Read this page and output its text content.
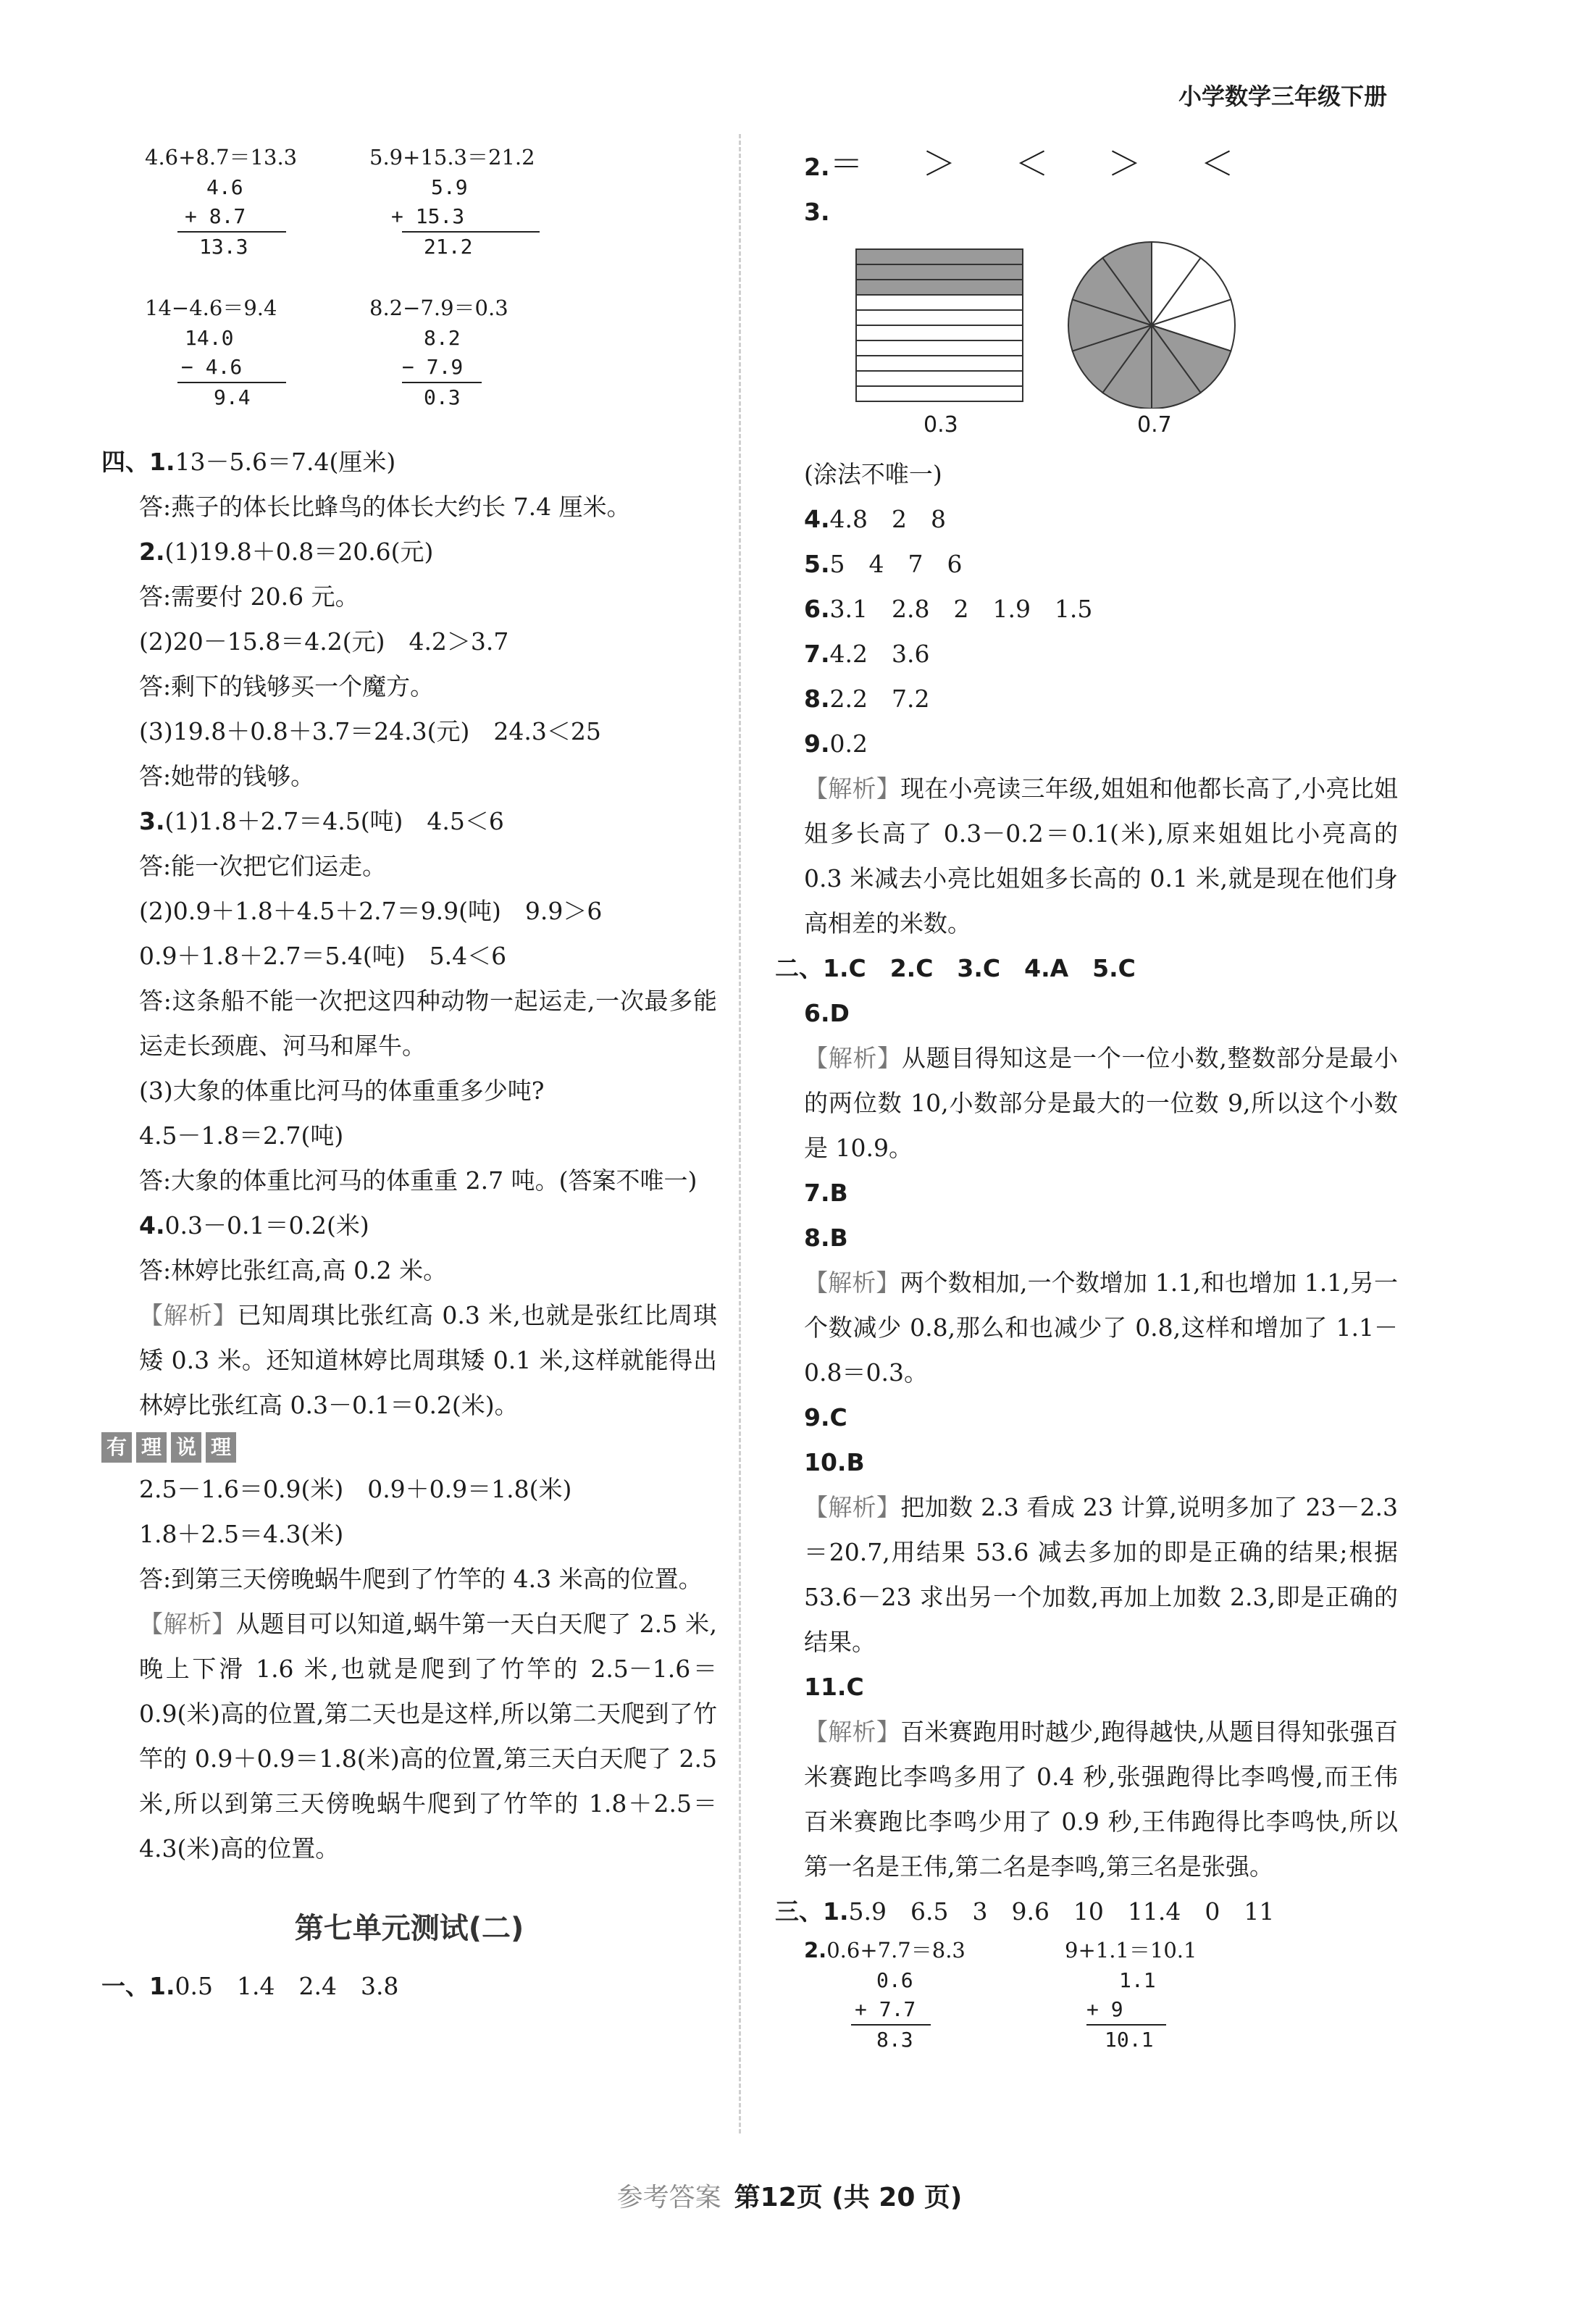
小学数学三年级下册
4.6+8.7＝13.3
4.6
+ 8.7
13.3
5.9+15.3＝21.2
5.9
+ 15.3
21.2
14−4.6＝9.4
14.0
− 4.6
9.4
8.2−7.9＝0.3
8.2
− 7.9
0.3
四、1.13－5.6＝7.4(厘米)
答:燕子的体长比蜂鸟的体长大约长 7.4 厘米。
2.(1)19.8＋0.8＝20.6(元)
答:需要付 20.6 元。
(2)20－15.8＝4.2(元)　4.2＞3.7
答:剩下的钱够买一个魔方。
(3)19.8＋0.8＋3.7＝24.3(元)　24.3＜25
答:她带的钱够。
3.(1)1.8＋2.7＝4.5(吨)　4.5＜6
答:能一次把它们运走。
(2)0.9＋1.8＋4.5＋2.7＝9.9(吨)　9.9＞6
0.9＋1.8＋2.7＝5.4(吨)　5.4＜6
答:这条船不能一次把这四种动物一起运走,一次最多能运走长颈鹿、河马和犀牛。
(3)大象的体重比河马的体重重多少吨?
4.5－1.8＝2.7(吨)
答:大象的体重比河马的体重重 2.7 吨。(答案不唯一)
4.0.3－0.1＝0.2(米)
答:林婷比张红高,高 0.2 米。
【解析】已知周琪比张红高 0.3 米,也就是张红比周琪矮 0.3 米。还知道林婷比周琪矮 0.1 米,这样就能得出林婷比张红高 0.3－0.1＝0.2(米)。
有 理 说 理
2.5－1.6＝0.9(米)　0.9＋0.9＝1.8(米)
1.8＋2.5＝4.3(米)
答:到第三天傍晚蜗牛爬到了竹竿的 4.3 米高的位置。
【解析】从题目可以知道,蜗牛第一天白天爬了 2.5 米,晚上下滑 1.6 米,也就是爬到了竹竿的 2.5－1.6＝0.9(米)高的位置,第二天也是这样,所以第二天爬到了竹竿的 0.9＋0.9＝1.8(米)高的位置,第三天白天爬了 2.5 米,所以到第三天傍晚蜗牛爬到了竹竿的 1.8＋2.5＝4.3(米)高的位置。
第七单元测试(二)
一、1.0.5　1.4　2.4　3.8
2.＝　＞　＜　＞　＜
3.
0.3	0.7
(涂法不唯一)
4.4.8　2　8
5.5　4　7　6
6.3.1　2.8　2　1.9　1.5
7.4.2　3.6
8.2.2　7.2
9.0.2
【解析】现在小亮读三年级,姐姐和他都长高了,小亮比姐姐多长高了 0.3－0.2＝0.1(米),原来姐姐比小亮高的 0.3 米减去小亮比姐姐多长高的 0.1 米,就是现在他们身高相差的米数。
二、1.C　2.C　3.C　4.A　5.C
6.D
【解析】从题目得知这是一个一位小数,整数部分是最小的两位数 10,小数部分是最大的一位数 9,所以这个小数是 10.9。
7.B
8.B
【解析】两个数相加,一个数增加 1.1,和也增加 1.1,另一个数减少 0.8,那么和也减少了 0.8,这样和增加了 1.1－0.8＝0.3。
9.C
10.B
【解析】把加数 2.3 看成 23 计算,说明多加了 23－2.3＝20.7,用结果 53.6 减去多加的即是正确的结果;根据 53.6－23 求出另一个加数,再加上加数 2.3,即是正确的结果。
11.C
【解析】百米赛跑用时越少,跑得越快,从题目得知张强百米赛跑比李鸣多用了 0.4 秒,张强跑得比李鸣慢,而王伟百米赛跑比李鸣少用了 0.9 秒,王伟跑得比李鸣快,所以第一名是王伟,第二名是李鸣,第三名是张强。
三、1.5.9　6.5　3　9.6　10　11.4　0　11
2.0.6+7.7＝8.3
0.6
+ 7.7
8.3
9+1.1＝10.1
1.1
+ 9
10.1
参考答案 第12页 (共 20 页)
